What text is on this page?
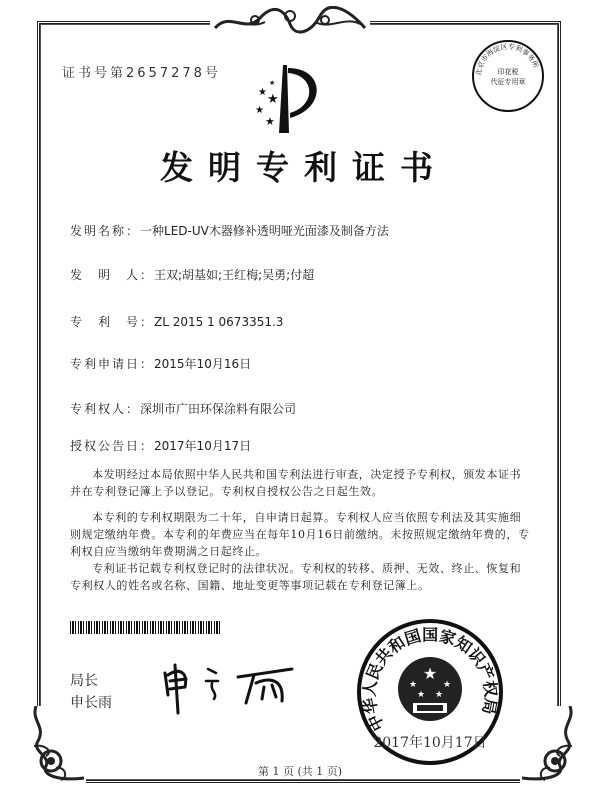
证书号第2657278号
★ ★
★
★
★
北京市海淀区专利事务所
印花税
代征专用章
发明专利证书
发明名称：一种LED-UV木器修补透明哑光面漆及制备方法
发　明　人：王双;胡基如;王红梅;吴勇;付超
专　利　号：ZL 2015 1 0673351.3
专利申请日：2015年10月16日
专利权人：深圳市广田环保涂料有限公司
授权公告日：2017年10月17日
本发明经过本局依照中华人民共和国专利法进行审查，决定授予专利权，颁发本证书并在专利登记簿上予以登记。专利权自授权公告之日起生效。
本专利的专利权期限为二十年，自申请日起算。专利权人应当依照专利法及其实施细则规定缴纳年费。本专利的年费应当在每年10月16日前缴纳。未按照规定缴纳年费的，专利权自应当缴纳年费期满之日起终止。
专利证书记载专利权登记时的法律状况。专利权的转移、质押、无效、终止、恢复和专利权人的姓名或名称、国籍、地址变更等事项记载在专利登记簿上。
局长
申长雨
中华人民共和国国家知识产权局
★
★	★
★ ★
2017年10月17日
第 1 页 (共 1 页)
